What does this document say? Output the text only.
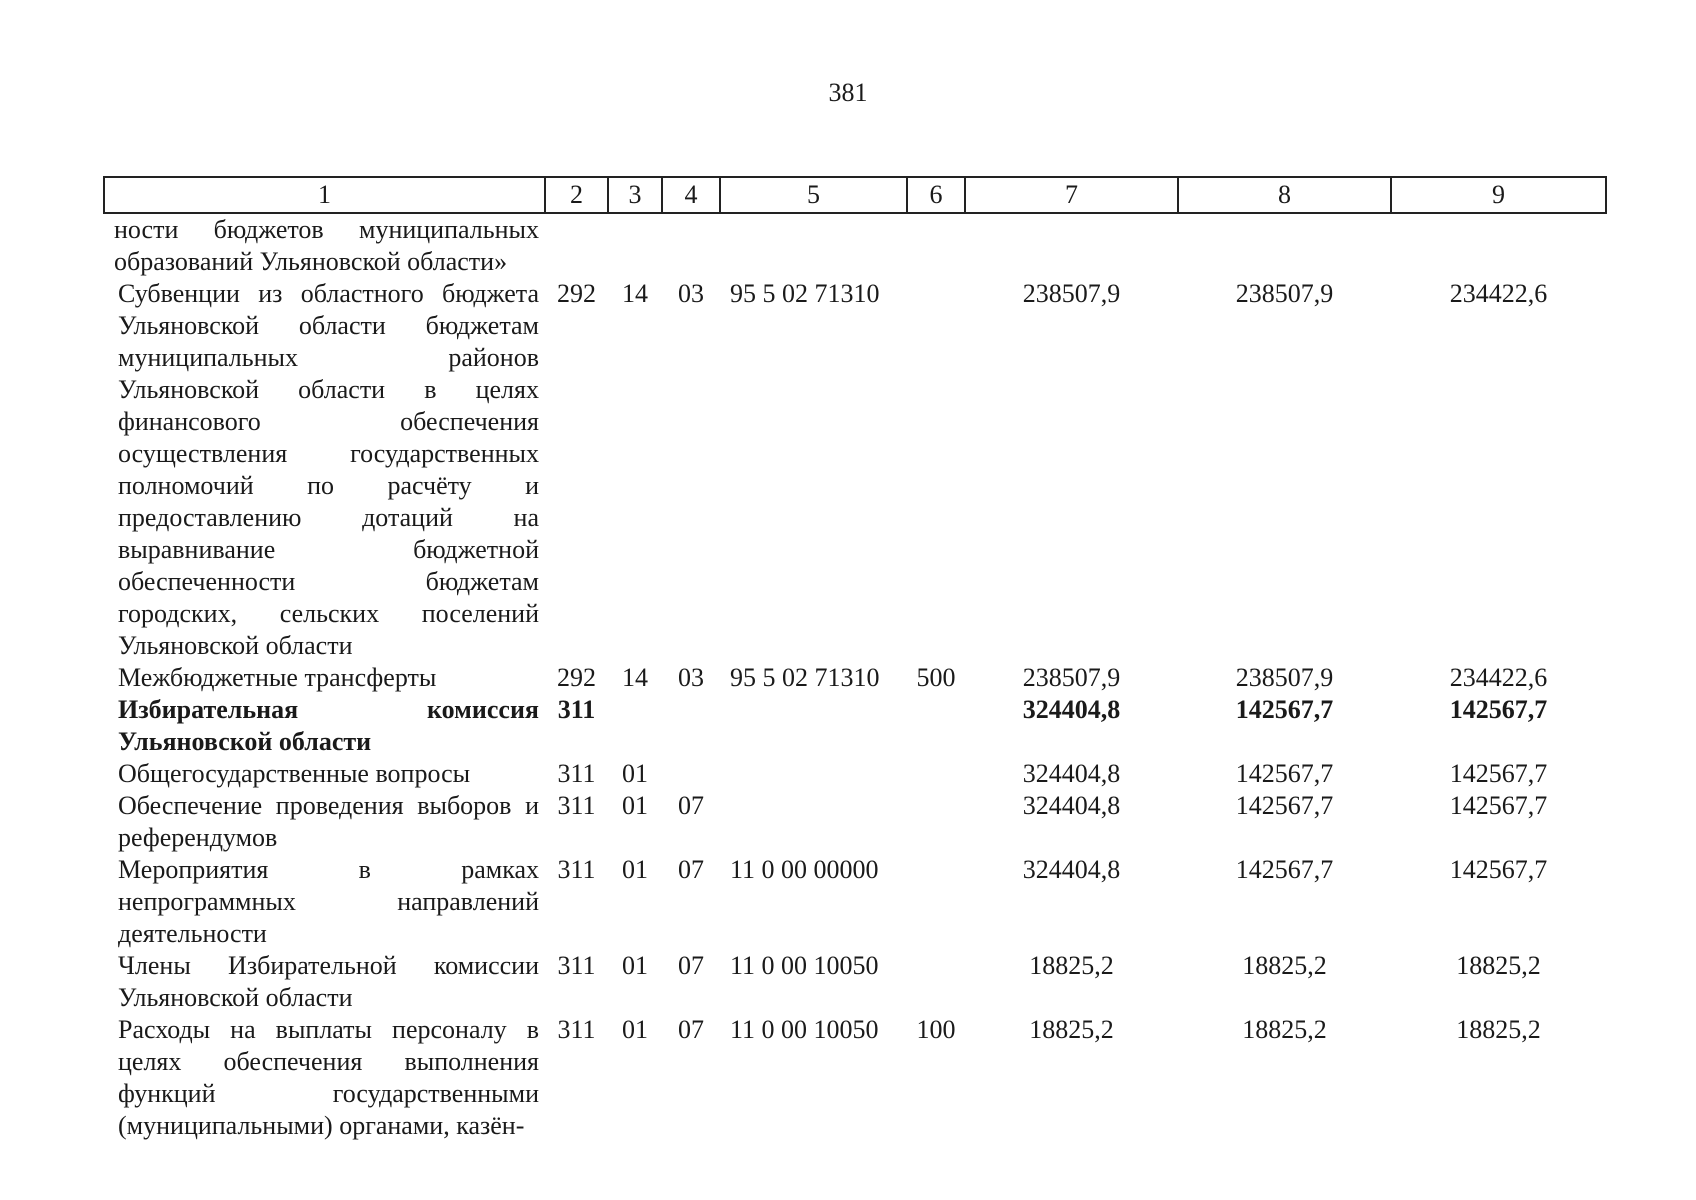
381
1	2	3	4	5	6	7	8	9
ности бюджетов муниципальных образований Ульяновской области»								
Субвенции из областного бюджета Ульяновской области бюджетам муниципальных районов Ульяновской области в целях финансового обеспечения осуществления государственных полномочий по расчёту и предоставлению дотаций на выравнивание бюджетной обеспеченности бюджетам городских, сельских поселений Ульяновской области	292	14	03	95 5 02 71310		238507,9	238507,9	234422,6
Межбюджетные трансферты	292	14	03	95 5 02 71310	500	238507,9	238507,9	234422,6
Избирательная комиссия Ульяновской области	311					324404,8	142567,7	142567,7
Общегосударственные вопросы	311	01				324404,8	142567,7	142567,7
Обеспечение проведения выборов и референдумов	311	01	07			324404,8	142567,7	142567,7
Мероприятия в рамках непрограммных направлений деятельности	311	01	07	11 0 00 00000		324404,8	142567,7	142567,7
Члены Избирательной комиссии Ульяновской области	311	01	07	11 0 00 10050		18825,2	18825,2	18825,2
Расходы на выплаты персоналу в целях обеспечения выполнения функций государственными (муниципальными) органами, казён-	311	01	07	11 0 00 10050	100	18825,2	18825,2	18825,2
